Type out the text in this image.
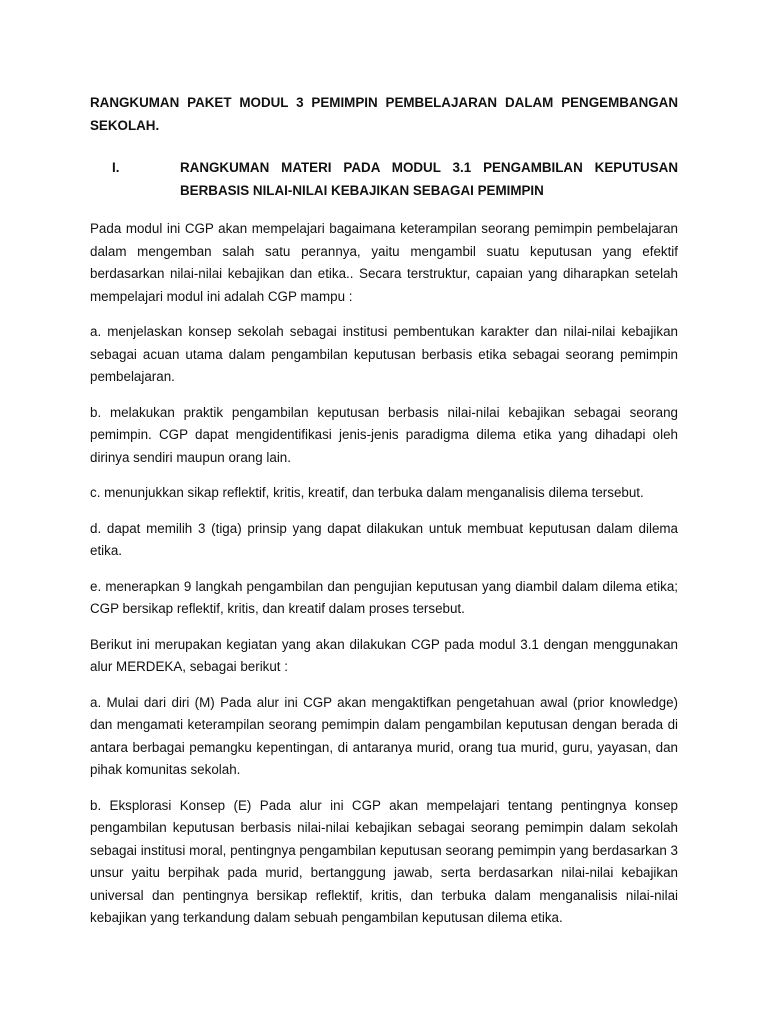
RANGKUMAN PAKET MODUL 3 PEMIMPIN PEMBELAJARAN DALAM PENGEMBANGAN SEKOLAH.

I.	RANGKUMAN MATERI PADA MODUL 3.1 PENGAMBILAN KEPUTUSAN BERBASIS NILAI-NILAI KEBAJIKAN SEBAGAI PEMIMPIN

Pada modul ini CGP akan mempelajari bagaimana keterampilan seorang pemimpin pembelajaran dalam mengemban salah satu perannya, yaitu mengambil suatu keputusan yang efektif berdasarkan nilai-nilai kebajikan dan etika.. Secara terstruktur, capaian yang diharapkan setelah mempelajari modul ini adalah CGP mampu :

a. menjelaskan konsep sekolah sebagai institusi pembentukan karakter dan nilai-nilai kebajikan sebagai acuan utama dalam pengambilan keputusan berbasis etika sebagai seorang pemimpin pembelajaran.

b. melakukan praktik pengambilan keputusan berbasis nilai-nilai kebajikan sebagai seorang pemimpin. CGP dapat mengidentifikasi jenis-jenis paradigma dilema etika yang dihadapi oleh dirinya sendiri maupun orang lain.

c. menunjukkan sikap reflektif, kritis, kreatif, dan terbuka dalam menganalisis dilema tersebut.

d. dapat memilih 3 (tiga) prinsip yang dapat dilakukan untuk membuat keputusan dalam dilema etika.

e. menerapkan 9 langkah pengambilan dan pengujian keputusan yang diambil dalam dilema etika; CGP bersikap reflektif, kritis, dan kreatif dalam proses tersebut.

Berikut ini merupakan kegiatan yang akan dilakukan CGP pada modul 3.1 dengan menggunakan alur MERDEKA, sebagai berikut :

a. Mulai dari diri (M) Pada alur ini CGP akan mengaktifkan pengetahuan awal (prior knowledge) dan mengamati keterampilan seorang pemimpin dalam pengambilan keputusan dengan berada di antara berbagai pemangku kepentingan, di antaranya murid, orang tua murid, guru, yayasan, dan pihak komunitas sekolah.

b. Eksplorasi Konsep (E) Pada alur ini CGP akan mempelajari tentang pentingnya konsep pengambilan keputusan berbasis nilai-nilai kebajikan sebagai seorang pemimpin dalam sekolah sebagai institusi moral, pentingnya pengambilan keputusan seorang pemimpin yang berdasarkan 3 unsur yaitu berpihak pada murid, bertanggung jawab, serta berdasarkan nilai-nilai kebajikan universal dan pentingnya bersikap reflektif, kritis, dan terbuka dalam menganalisis nilai-nilai kebajikan yang terkandung dalam sebuah pengambilan keputusan dilema etika.
